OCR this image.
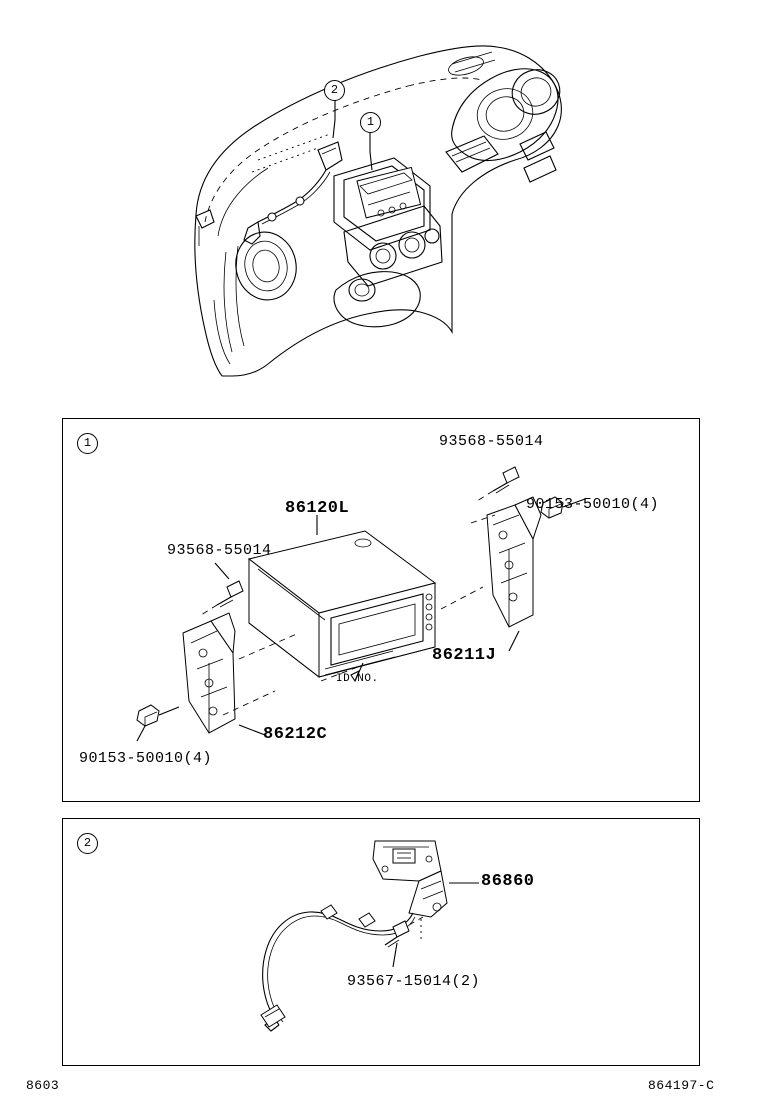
2
1
1	93568-55014
90153-50010(4)
86120L
93568-55014
86211J
86212C
90153-50010(4)
ID NO.
2
86860
93567-15014(2)
8603	864197-C
